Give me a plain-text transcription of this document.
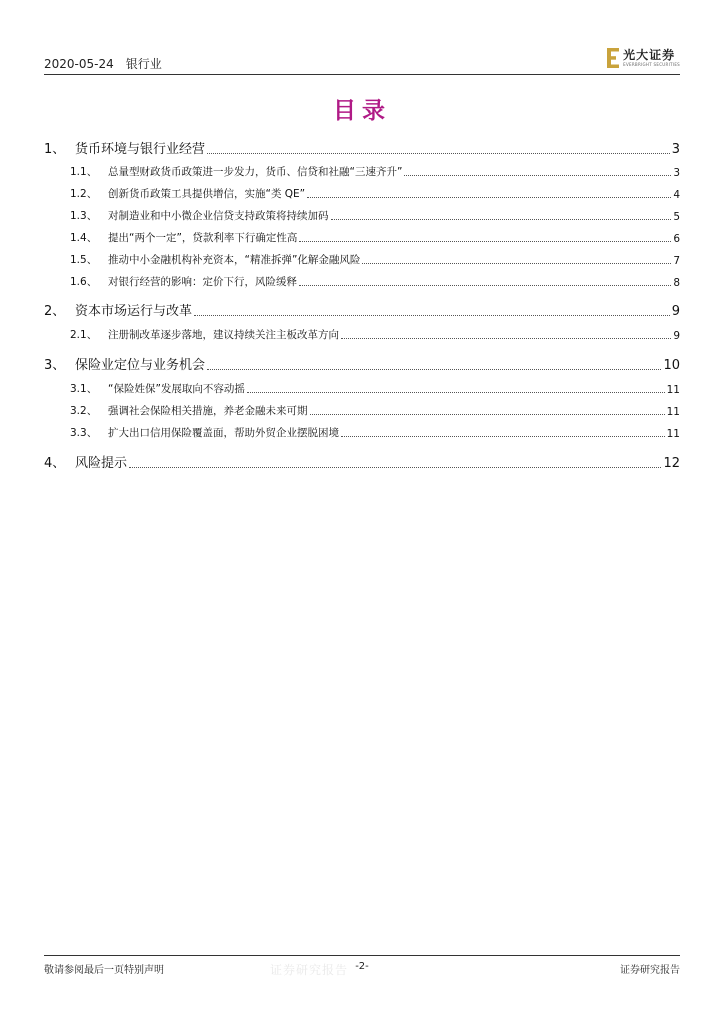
2020-05-24 银行业
光大证券
EVERBRIGHT SECURITIES
目录
1、 货币环境与银行业经营	3
1.1、	总量型财政货币政策进一步发力，货币、信贷和社融“三速齐升”	3
1.2、	创新货币政策工具提供增信，实施“类 QE”	4
1.3、	对制造业和中小微企业信贷支持政策将持续加码	5
1.4、	提出“两个一定”，贷款利率下行确定性高	6
1.5、	推动中小金融机构补充资本，“精准拆弹”化解金融风险	7
1.6、	对银行经营的影响：定价下行，风险缓释	8
2、 资本市场运行与改革	9
2.1、	注册制改革逐步落地，建议持续关注主板改革方向	9
3、 保险业定位与业务机会	10
3.1、	“保险姓保”发展取向不容动摇	11
3.2、	强调社会保险相关措施，养老金融未来可期	11
3.3、	扩大出口信用保险覆盖面，帮助外贸企业摆脱困境	11
4、 风险提示	12
证券研究报告
敬请参阅最后一页特别声明	-2-	证券研究报告
